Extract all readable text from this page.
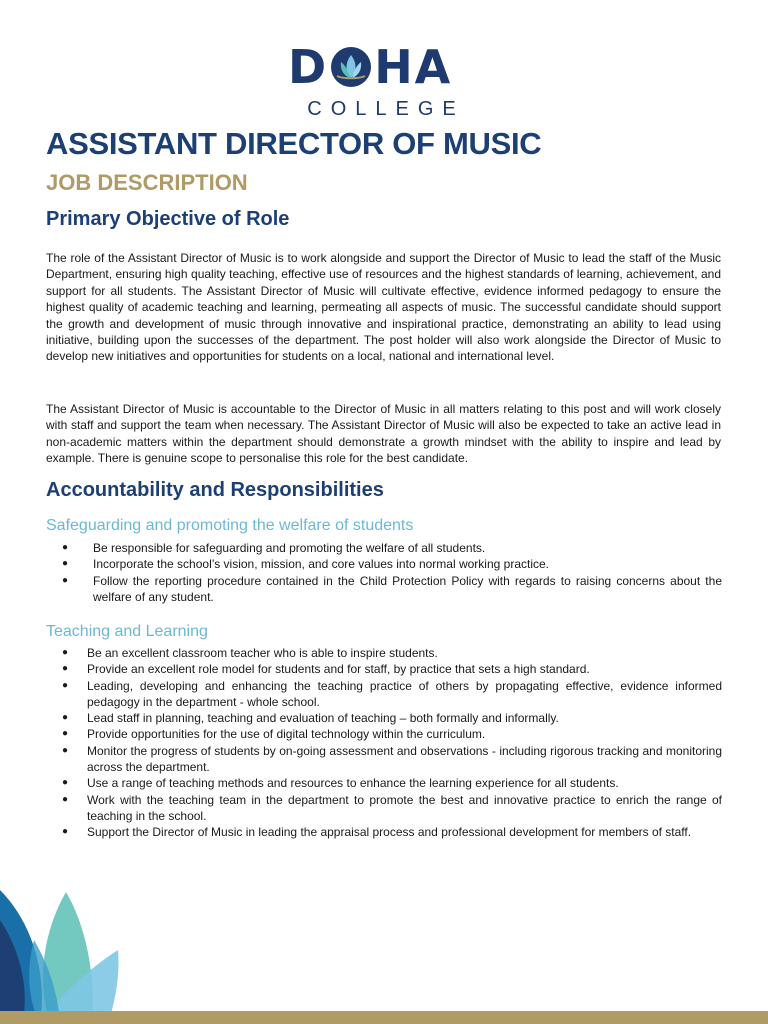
D HA
COLLEGE
ASSISTANT DIRECTOR OF MUSIC
JOB DESCRIPTION
Primary Objective of Role

The role of the Assistant Director of Music is to work alongside and support the Director of Music to lead the staff of the Music Department, ensuring high quality teaching, effective use of resources and the highest standards of learning, achievement, and support for all students. The Assistant Director of Music will cultivate effective, evidence informed pedagogy to ensure the highest quality of academic teaching and learning, permeating all aspects of music. The successful candidate should support the growth and development of music through innovative and inspirational practice, demonstrating an ability to lead using initiative, building upon the successes of the department. The post holder will also work alongside the Director of Music to develop new initiatives and opportunities for students on a local, national and international level.

The Assistant Director of Music is accountable to the Director of Music in all matters relating to this post and will work closely with staff and support the team when necessary. The Assistant Director of Music will also be expected to take an active lead in non-academic matters within the department should demonstrate a growth mindset with the ability to inspire and lead by example. There is genuine scope to personalise this role for the best candidate.

Accountability and Responsibilities
Safeguarding and promoting the welfare of students
● Be responsible for safeguarding and promoting the welfare of all students.
● Incorporate the school’s vision, mission, and core values into normal working practice.
● Follow the reporting procedure contained in the Child Protection Policy with regards to raising concerns about the welfare of any student.
Teaching and Learning
● Be an excellent classroom teacher who is able to inspire students.
● Provide an excellent role model for students and for staff, by practice that sets a high standard.
● Leading, developing and enhancing the teaching practice of others by propagating effective, evidence informed pedagogy in the department - whole school.
● Lead staff in planning, teaching and evaluation of teaching – both formally and informally.
● Provide opportunities for the use of digital technology within the curriculum.
● Monitor the progress of students by on-going assessment and observations - including rigorous tracking and monitoring across the department.
● Use a range of teaching methods and resources to enhance the learning experience for all students.
● Work with the teaching team in the department to promote the best and innovative practice to enrich the range of teaching in the school.
● Support the Director of Music in leading the appraisal process and professional development for members of staff.
